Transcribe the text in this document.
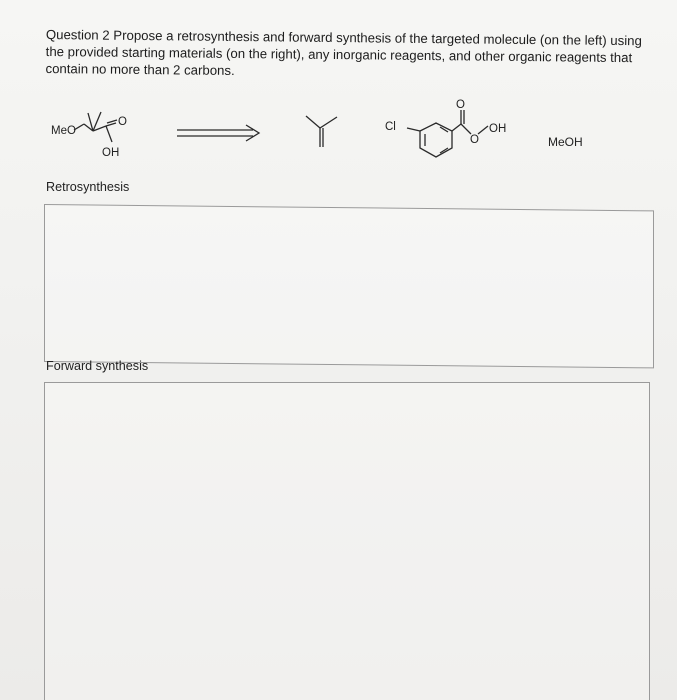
Question 2 Propose a retrosynthesis and forward synthesis of the targeted molecule (on the left) using the provided starting materials (on the right), any inorganic reagents, and other organic reagents that contain no more than 2 carbons.
MeO
OH
O	Cl
O
O
OH
MeOH
Retrosynthesis
Forward synthesis
